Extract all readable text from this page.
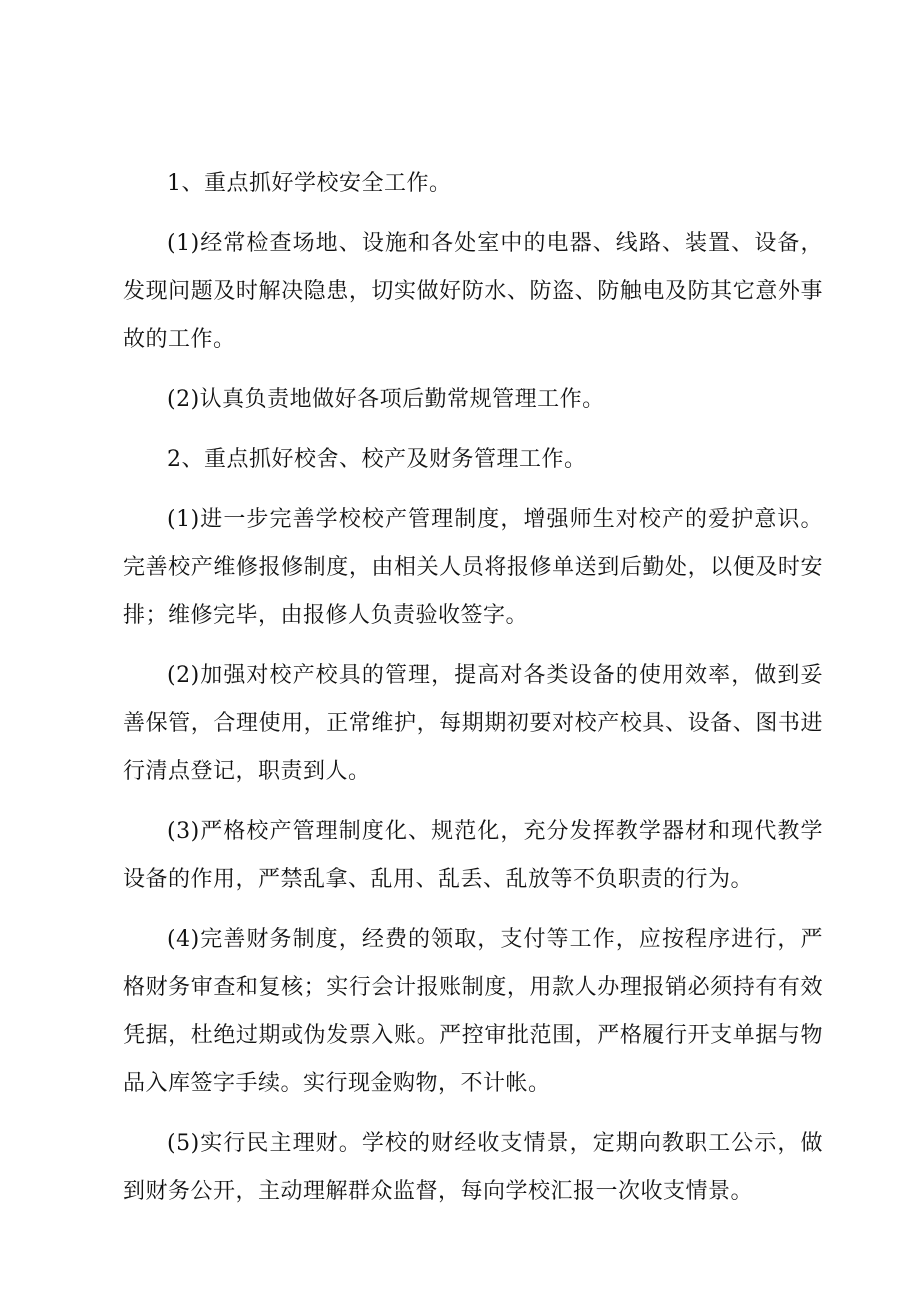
1、重点抓好学校安全工作。

(1)经常检查场地、设施和各处室中的电器、线路、装置、设备，发现问题及时解决隐患，切实做好防水、防盗、防触电及防其它意外事故的工作。

(2)认真负责地做好各项后勤常规管理工作。

2、重点抓好校舍、校产及财务管理工作。

(1)进一步完善学校校产管理制度，增强师生对校产的爱护意识。完善校产维修报修制度，由相关人员将报修单送到后勤处，以便及时安排；维修完毕，由报修人负责验收签字。

(2)加强对校产校具的管理，提高对各类设备的使用效率，做到妥善保管，合理使用，正常维护，每期期初要对校产校具、设备、图书进行清点登记，职责到人。

(3)严格校产管理制度化、规范化，充分发挥教学器材和现代教学设备的作用，严禁乱拿、乱用、乱丢、乱放等不负职责的行为。

(4)完善财务制度，经费的领取，支付等工作，应按程序进行，严格财务审查和复核；实行会计报账制度，用款人办理报销必须持有有效凭据，杜绝过期或伪发票入账。严控审批范围，严格履行开支单据与物品入库签字手续。实行现金购物，不计帐。

(5)实行民主理财。学校的财经收支情景，定期向教职工公示，做到财务公开，主动理解群众监督，每向学校汇报一次收支情景。
